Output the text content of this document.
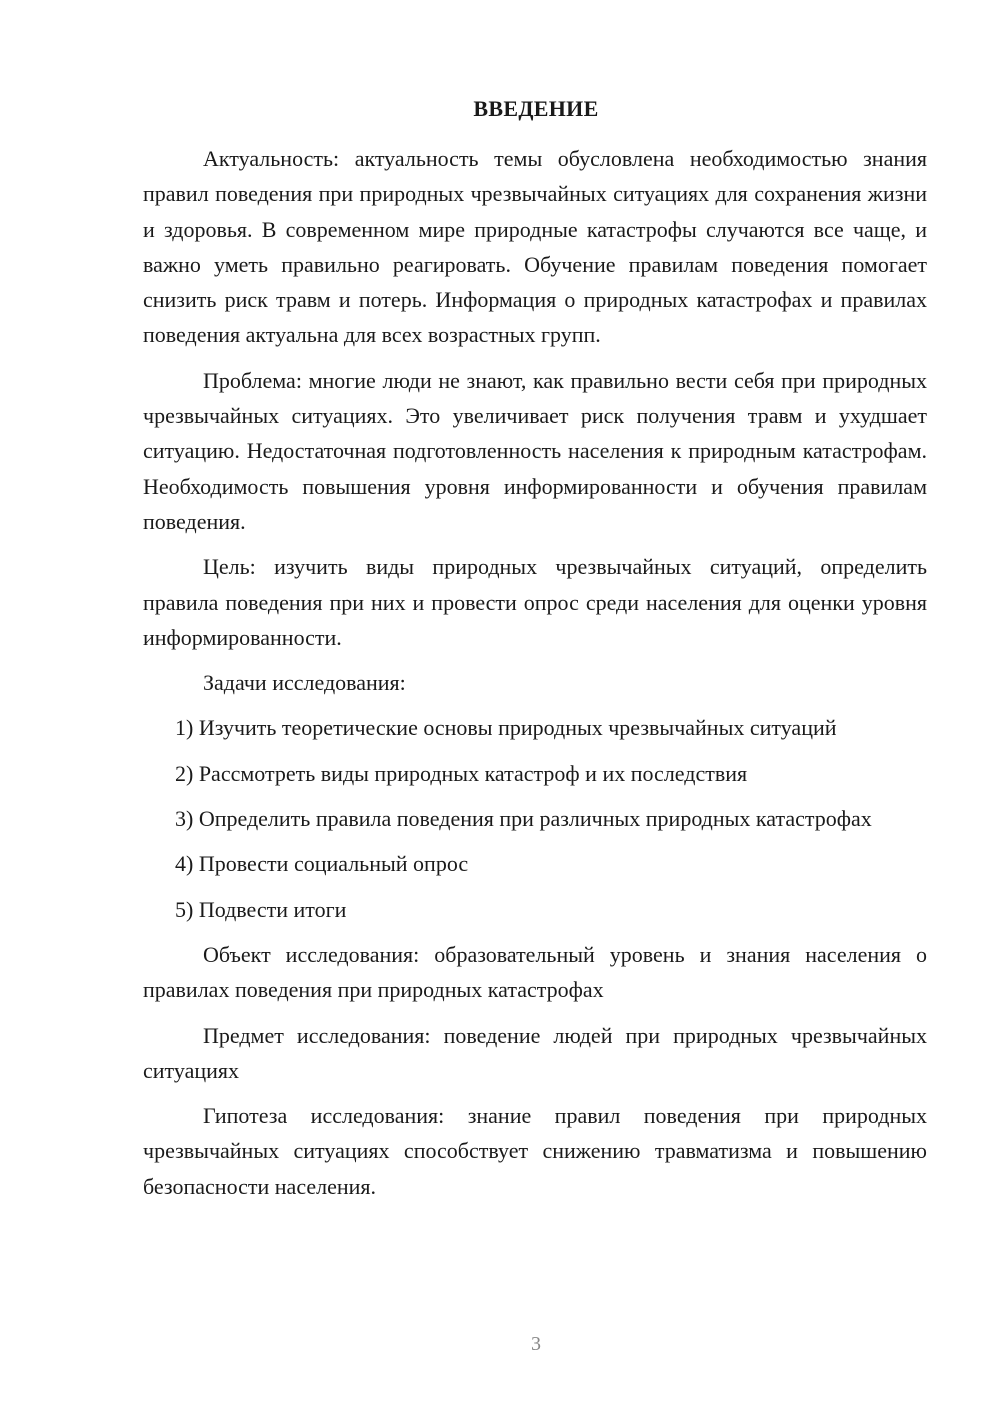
ВВЕДЕНИЕ

Актуальность: актуальность темы обусловлена необходимостью знания правил поведения при природных чрезвычайных ситуациях для сохранения жизни и здоровья. В современном мире природные катастрофы случаются все чаще, и важно уметь правильно реагировать. Обучение правилам поведения помогает снизить риск травм и потерь. Информация о природных катастрофах и правилах поведения актуальна для всех возрастных групп.

Проблема: многие люди не знают, как правильно вести себя при природных чрезвычайных ситуациях. Это увеличивает риск получения травм и ухудшает ситуацию. Недостаточная подготовленность населения к природным катастрофам. Необходимость повышения уровня информированности и обучения правилам поведения.

Цель: изучить виды природных чрезвычайных ситуаций, определить правила поведения при них и провести опрос среди населения для оценки уровня информированности.

Задачи исследования:

1) Изучить теоретические основы природных чрезвычайных ситуаций

2) Рассмотреть виды природных катастроф и их последствия

3) Определить правила поведения при различных природных катастрофах

4) Провести социальный опрос

5) Подвести итоги

Объект исследования: образовательный уровень и знания населения о правилах поведения при природных катастрофах

Предмет исследования: поведение людей при природных чрезвычайных ситуациях

Гипотеза исследования: знание правил поведения при природных чрезвычайных ситуациях способствует снижению травматизма и повышению безопасности населения.

3
